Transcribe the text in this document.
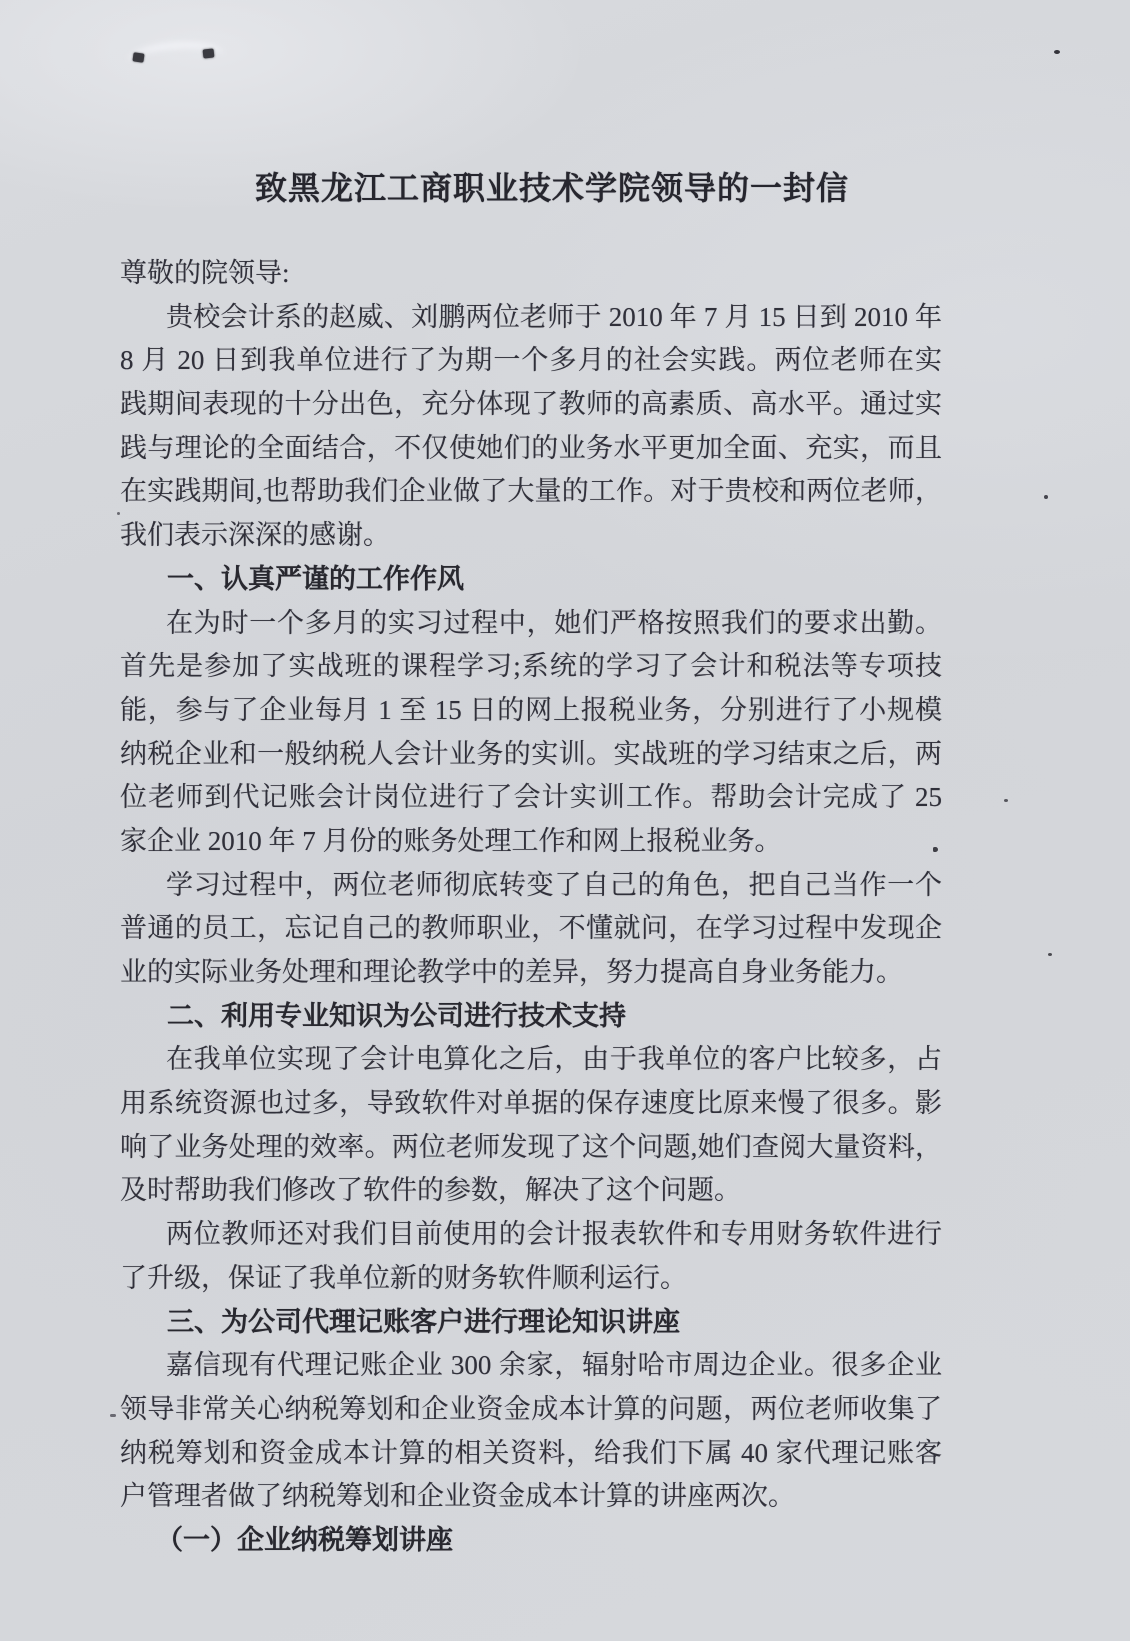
致黑龙江工商职业技术学院领导的一封信
尊敬的院领导:
贵校会计系的赵威、刘鹏两位老师于 2010 年 7 月 15 日到 2010 年
8 月 20 日到我单位进行了为期一个多月的社会实践。两位老师在实
践期间表现的十分出色，充分体现了教师的高素质、高水平。通过实
践与理论的全面结合，不仅使她们的业务水平更加全面、充实，而且
在实践期间,也帮助我们企业做了大量的工作。对于贵校和两位老师，
我们表示深深的感谢。
一、认真严谨的工作作风
在为时一个多月的实习过程中，她们严格按照我们的要求出勤。
首先是参加了实战班的课程学习;系统的学习了会计和税法等专项技
能，参与了企业每月 1 至 15 日的网上报税业务，分别进行了小规模
纳税企业和一般纳税人会计业务的实训。实战班的学习结束之后，两
位老师到代记账会计岗位进行了会计实训工作。帮助会计完成了 25
家企业 2010 年 7 月份的账务处理工作和网上报税业务。
学习过程中，两位老师彻底转变了自己的角色，把自己当作一个
普通的员工，忘记自己的教师职业，不懂就问，在学习过程中发现企
业的实际业务处理和理论教学中的差异，努力提高自身业务能力。
二、利用专业知识为公司进行技术支持
在我单位实现了会计电算化之后，由于我单位的客户比较多，占
用系统资源也过多，导致软件对单据的保存速度比原来慢了很多。影
响了业务处理的效率。两位老师发现了这个问题,她们查阅大量资料，
及时帮助我们修改了软件的参数，解决了这个问题。
两位教师还对我们目前使用的会计报表软件和专用财务软件进行
了升级，保证了我单位新的财务软件顺利运行。
三、为公司代理记账客户进行理论知识讲座
嘉信现有代理记账企业 300 余家，辐射哈市周边企业。很多企业
领导非常关心纳税筹划和企业资金成本计算的问题，两位老师收集了
纳税筹划和资金成本计算的相关资料，给我们下属 40 家代理记账客
户管理者做了纳税筹划和企业资金成本计算的讲座两次。
（一）企业纳税筹划讲座
